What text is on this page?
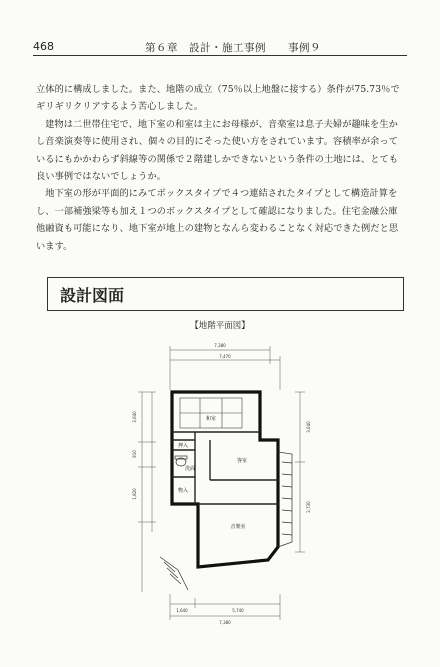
468	第６章　設計・施工事例　　事例９

立体的に構成しました。また、地階の成立（75％以上地盤に接する）条件が75.73％でギリギリクリアするよう苦心しました。

建物は二世帯住宅で、地下室の和室は主にお母様が、音楽室は息子夫婦が趣味を生かし音楽演奏等に使用され、個々の目的にそった使い方をされています。容積率が余っているにもかかわらず斜線等の関係で２階建しかできないという条件の土地には、とても良い事例ではないでしょうか。

地下室の形が平面的にみてボックスタイプで４つ連結されたタイプとして構造計算をし、一部補強梁等も加え１つのボックスタイプとして確認になりました。住宅金融公庫他融資も可能になり、地下室が地上の建物となんら変わることなく対応できた例だと思います。

設計図面
【地階平面図】
7,380
7,470
3,640
910
1,820
3,640
2,730
1,640	5,740
7,380
和室
押入
洗面
客室
物入
音楽室
